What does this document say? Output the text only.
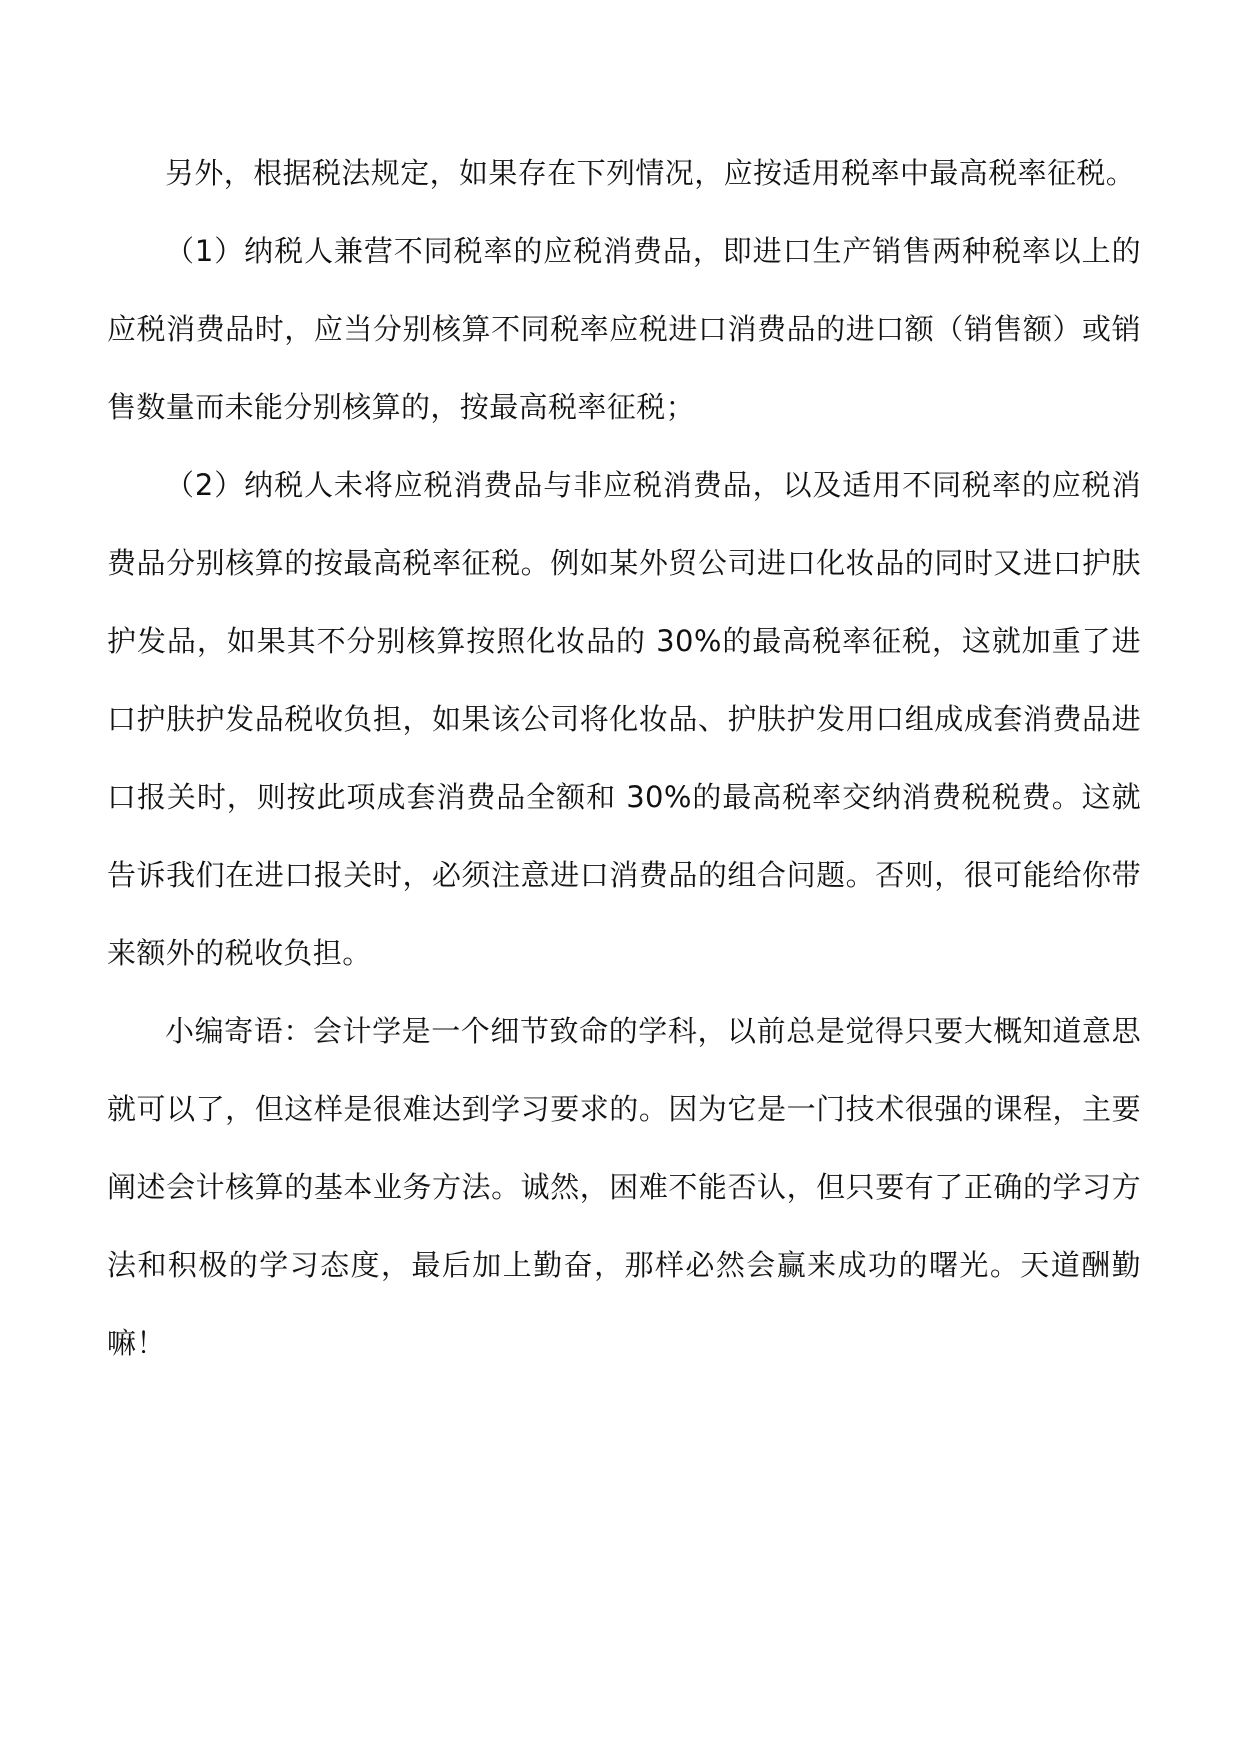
另外，根据税法规定，如果存在下列情况，应按适用税率中最高税率征税。

（1）纳税人兼营不同税率的应税消费品，即进口生产销售两种税率以上的应税消费品时，应当分别核算不同税率应税进口消费品的进口额（销售额）或销售数量而未能分别核算的，按最高税率征税；

（2）纳税人未将应税消费品与非应税消费品，以及适用不同税率的应税消费品分别核算的按最高税率征税。例如某外贸公司进口化妆品的同时又进口护肤护发品，如果其不分别核算按照化妆品的 30%的最高税率征税，这就加重了进口护肤护发品税收负担，如果该公司将化妆品、护肤护发用口组成成套消费品进口报关时，则按此项成套消费品全额和 30%的最高税率交纳消费税税费。这就告诉我们在进口报关时，必须注意进口消费品的组合问题。否则，很可能给你带来额外的税收负担。

小编寄语：会计学是一个细节致命的学科，以前总是觉得只要大概知道意思就可以了，但这样是很难达到学习要求的。因为它是一门技术很强的课程，主要阐述会计核算的基本业务方法。诚然，困难不能否认，但只要有了正确的学习方法和积极的学习态度，最后加上勤奋，那样必然会赢来成功的曙光。天道酬勤嘛！
